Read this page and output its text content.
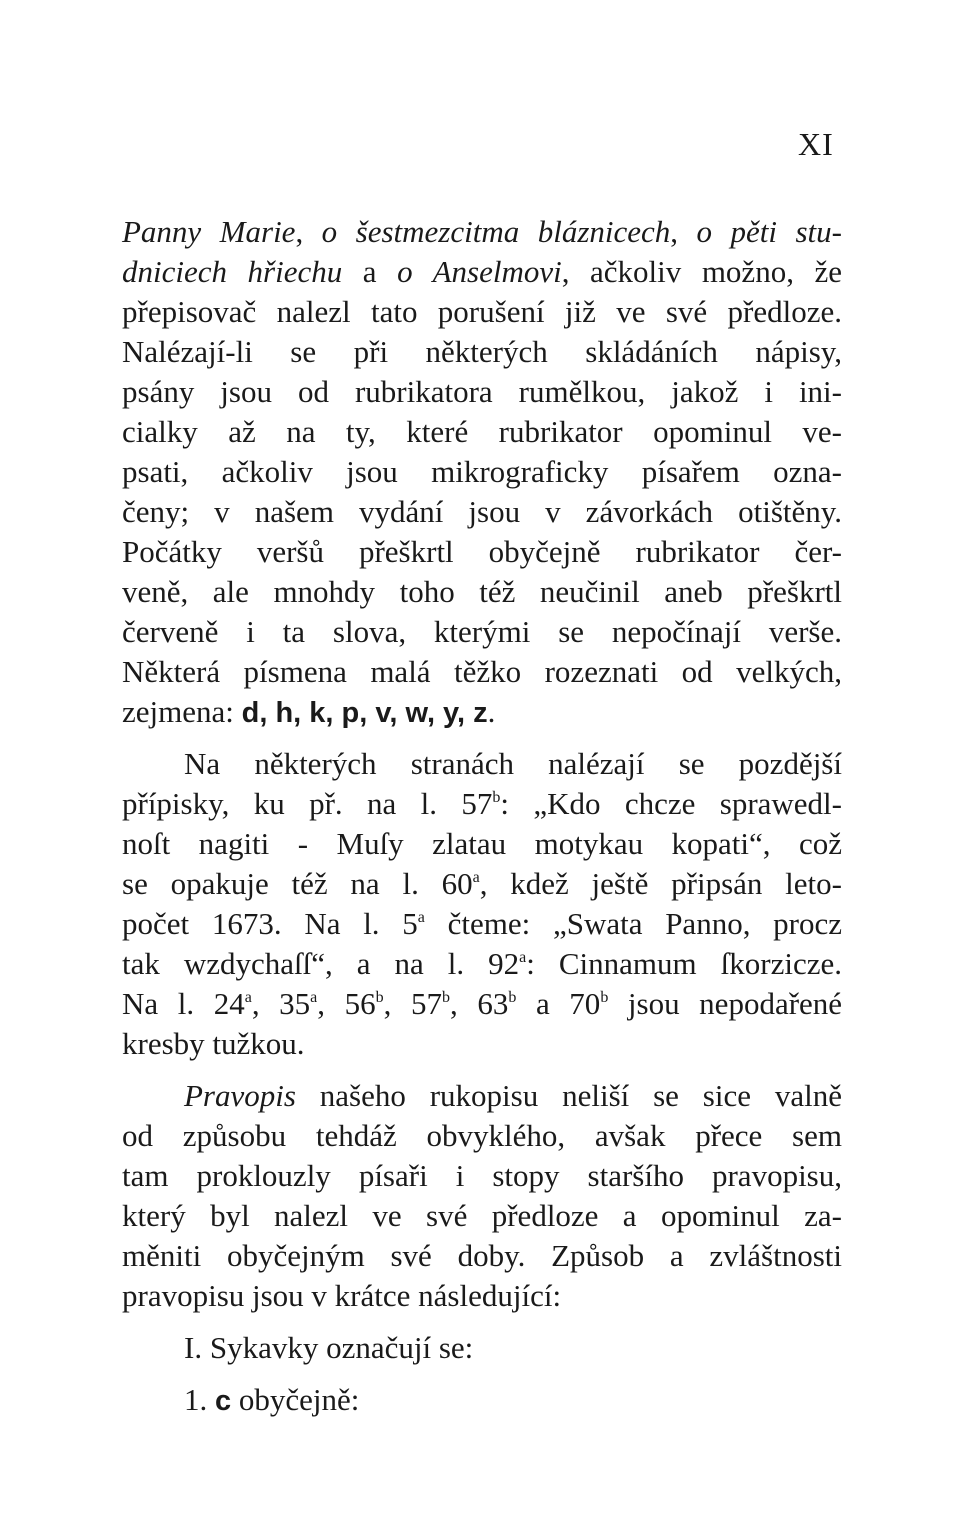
XI
Panny Marie, o šestmezcitma bláznicech, o pěti stu-
dniciech hřiechu a o Anselmovi, ačkoliv možno, že
přepisovač nalezl tato porušení již ve své předloze.
Nalézají-li se při některých skládáních nápisy,
psány jsou od rubrikatora rumělkou, jakož i ini-
cialky až na ty, které rubrikator opominul ve-
psati, ačkoliv jsou mikrograficky písařem ozna-
čeny; v našem vydání jsou v závorkách otištěny.
Počátky veršů přeškrtl obyčejně rubrikator čer-
veně, ale mnohdy toho též neučinil aneb přeškrtl
červeně i ta slova, kterými se nepočínají verše.
Některá písmena malá těžko rozeznati od velkých,
zejmena: d, h, k, p, v, w, y, z.
Na některých stranách nalézají se pozdější
přípisky, ku př. na l. 57$^b$: „Kdo chcze sprawedl-
noſt nagiti - Muſy zlatau motykau kopati“, což
se opakuje též na l. 60$^a$, kdež ještě připsán leto-
počet 1673. Na l. 5$^a$ čteme: „Swata Panno, procz
tak wzdychaſſ“, a na l. 92$^a$: Cinnamum ſkorzicze.
Na l. 24$^a$, 35$^a$, 56$^b$, 57$^b$, 63$^b$ a 70$^b$ jsou nepodařené
kresby tužkou.
Pravopis našeho rukopisu neliší se sice valně
od způsobu tehdáž obvyklého, avšak přece sem
tam proklouzly písaři i stopy staršího pravopisu,
který byl nalezl ve své předloze a opominul za-
měniti obyčejným své doby. Způsob a zvláštnosti
pravopisu jsou v krátce následující:
I. Sykavky označují se:
1. c obyčejně:
